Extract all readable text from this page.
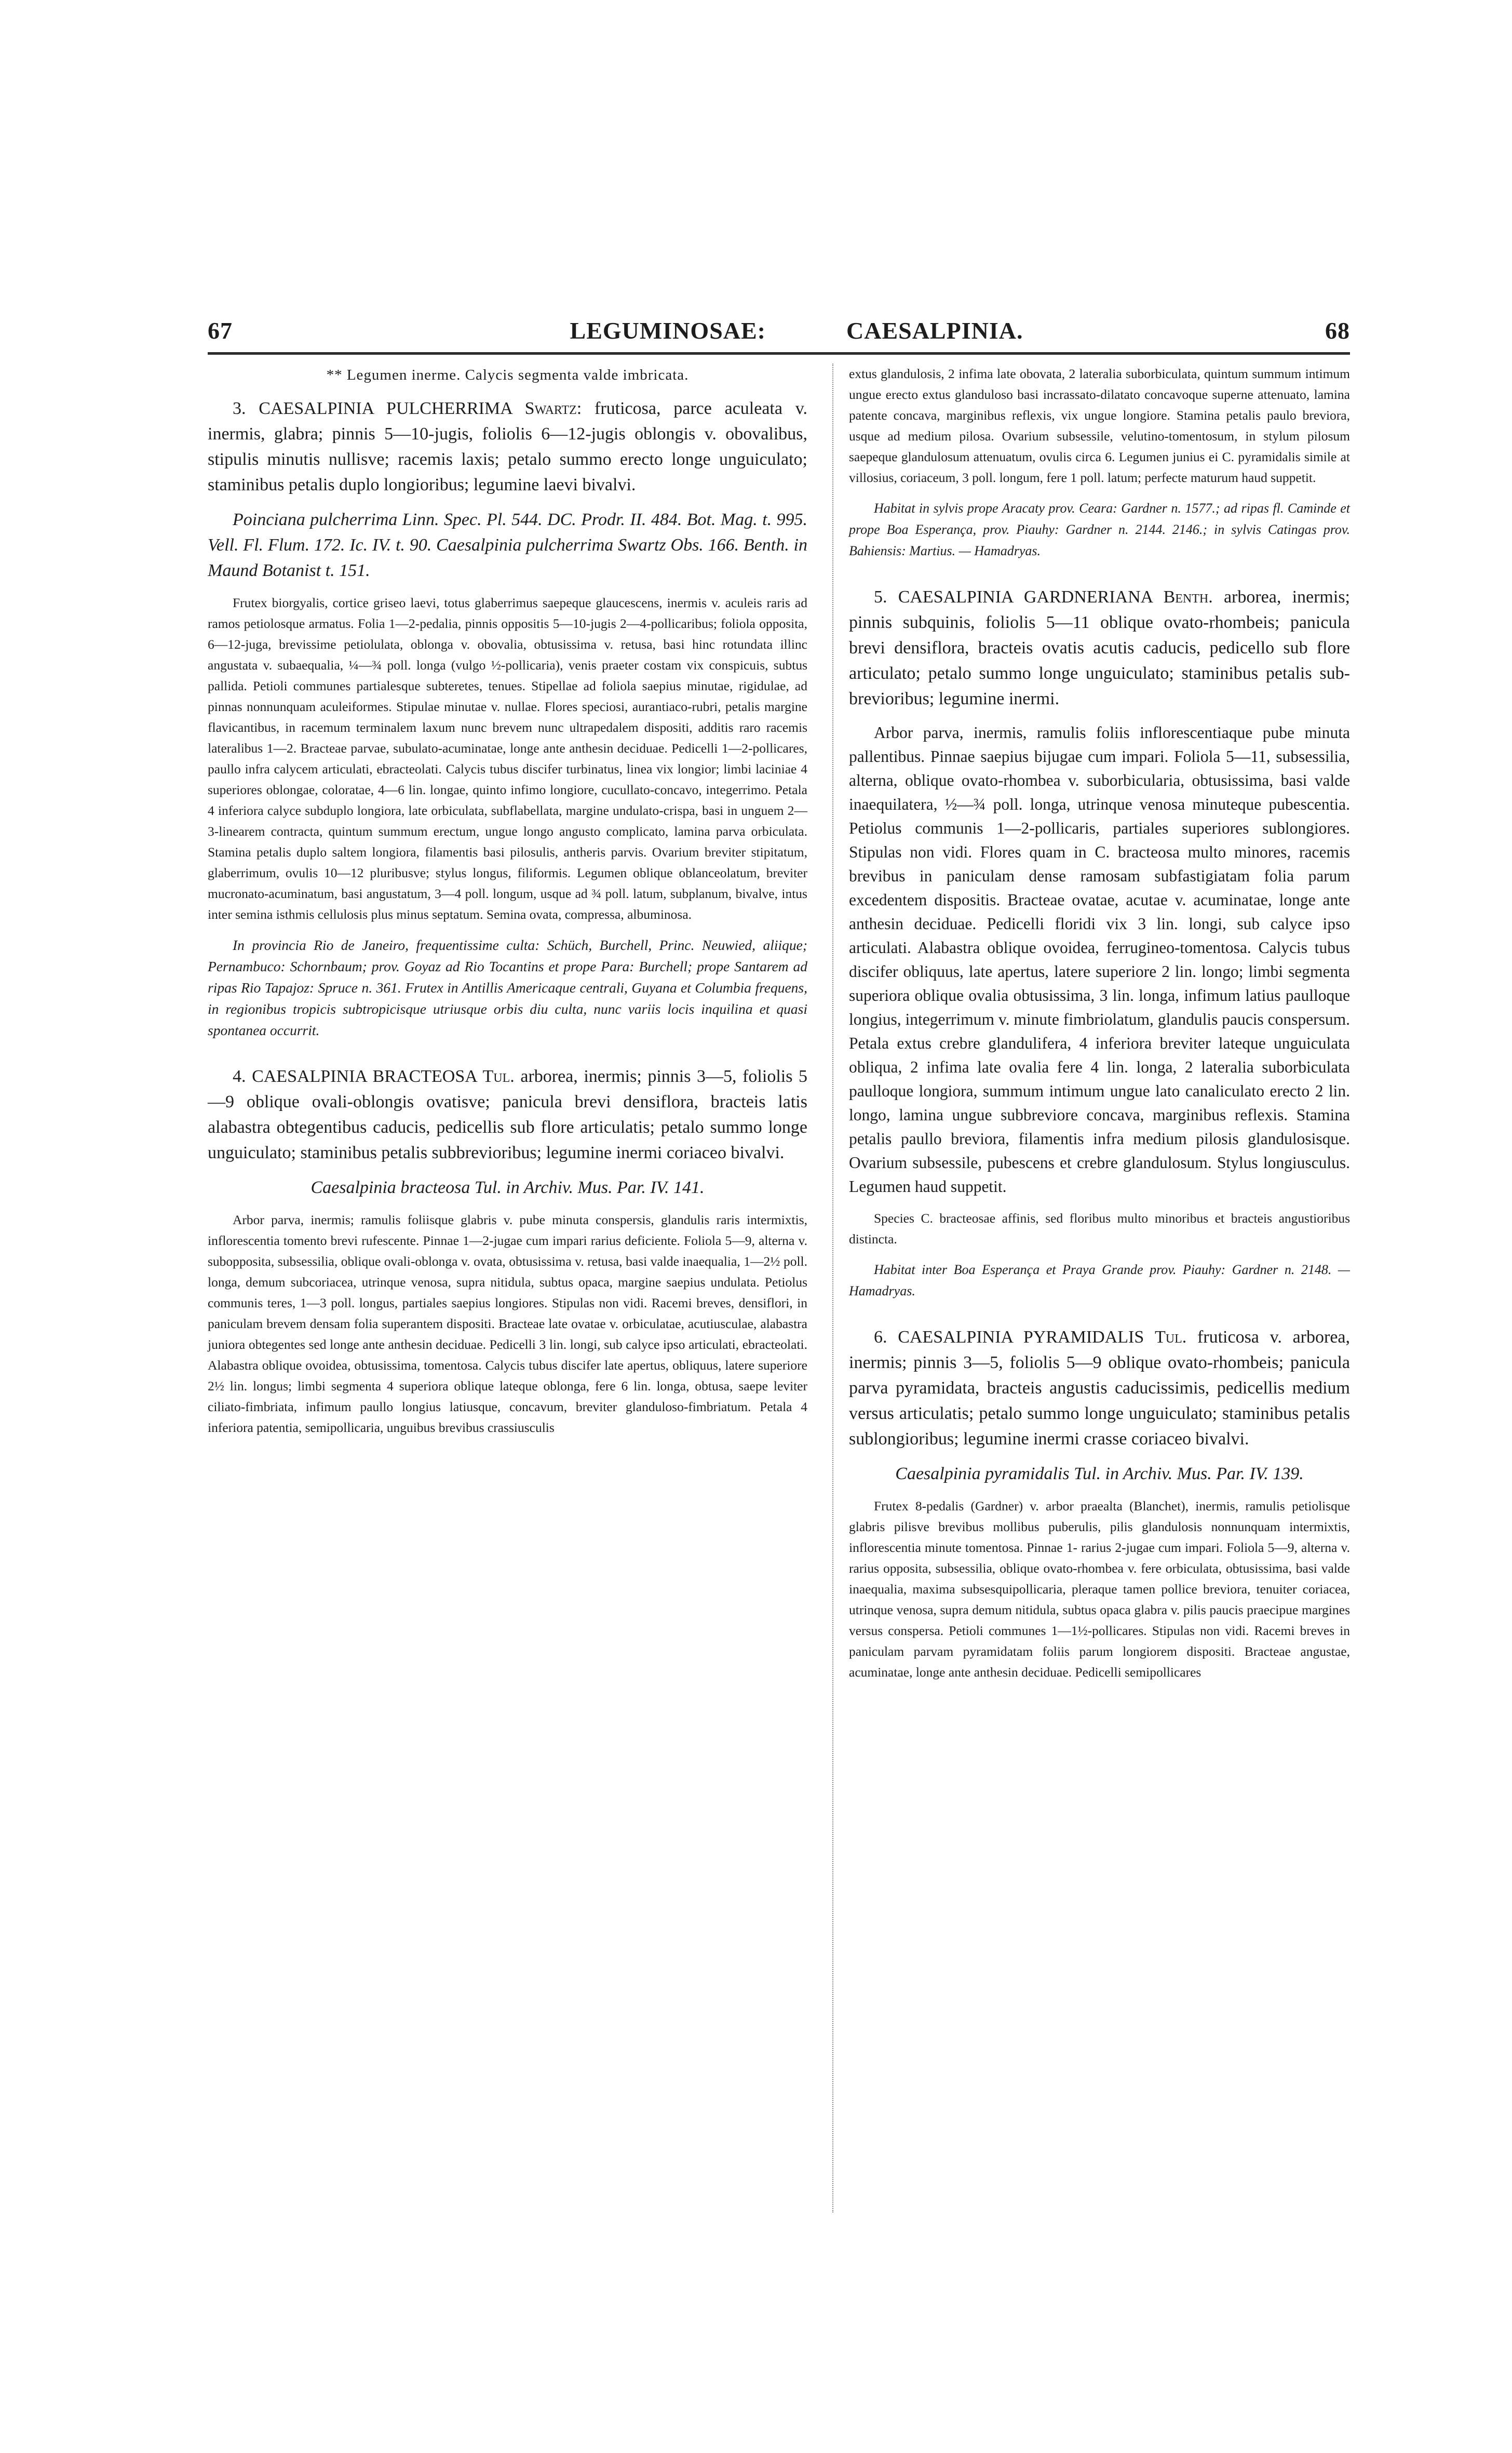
67	LEGUMINOSAE:	CAESALPINIA.	68

** Legumen inerme. Calycis segmenta valde imbricata.

3. CAESALPINIA PULCHERRIMA Swartz: fruticosa, parce aculeata v. inermis, glabra; pinnis 5—10-jugis, foliolis 6—12-jugis oblongis v. obovalibus, stipulis minutis nullisve; racemis laxis; petalo summo erecto longe unguiculato; staminibus petalis duplo longioribus; legumine laevi bivalvi.

Poinciana pulcherrima Linn. Spec. Pl. 544. DC. Prodr. II. 484. Bot. Mag. t. 995. Vell. Fl. Flum. 172. Ic. IV. t. 90. Caesalpinia pulcherrima Swartz Obs. 166. Benth. in Maund Botanist t. 151.

Frutex biorgyalis, cortice griseo laevi, totus glaberrimus saepeque glaucescens, inermis v. aculeis raris ad ramos petiolosque armatus. Folia 1—2-pedalia, pinnis oppositis 5—10-jugis 2—4-pollicaribus; foliola opposita, 6—12-juga, brevissime petiolulata, oblonga v. obovalia, obtusissima v. retusa, basi hinc rotundata illinc angustata v. subaequalia, ¼—¾ poll. longa (vulgo ½-pollicaria), venis praeter costam vix conspicuis, subtus pallida. Petioli communes partialesque subteretes, tenues. Stipellae ad foliola saepius minutae, rigidulae, ad pinnas nonnunquam aculeiformes. Stipulae minutae v. nullae. Flores speciosi, aurantiaco-rubri, petalis margine flavicantibus, in racemum terminalem laxum nunc brevem nunc ultrapedalem dispositi, additis raro racemis lateralibus 1—2. Bracteae parvae, subulato-acuminatae, longe ante anthesin deciduae. Pedicelli 1—2-pollicares, paullo infra calycem articulati, ebracteolati. Calycis tubus discifer turbinatus, linea vix longior; limbi laciniae 4 superiores oblongae, coloratae, 4—6 lin. longae, quinto infimo longiore, cucullato-concavo, integerrimo. Petala 4 inferiora calyce subduplo longiora, late orbiculata, subflabellata, margine undulato-crispa, basi in unguem 2—3-linearem contracta, quintum summum erectum, ungue longo angusto complicato, lamina parva orbiculata. Stamina petalis duplo saltem longiora, filamentis basi pilosulis, antheris parvis. Ovarium breviter stipitatum, glaberrimum, ovulis 10—12 pluribusve; stylus longus, filiformis. Legumen oblique oblanceolatum, breviter mucronato-acuminatum, basi angustatum, 3—4 poll. longum, usque ad ¾ poll. latum, subplanum, bivalve, intus inter semina isthmis cellulosis plus minus septatum. Semina ovata, compressa, albuminosa.

In provincia Rio de Janeiro, frequentissime culta: Schüch, Burchell, Princ. Neuwied, aliique; Pernambuco: Schornbaum; prov. Goyaz ad Rio Tocantins et prope Para: Burchell; prope Santarem ad ripas Rio Tapajoz: Spruce n. 361. Frutex in Antillis Americaque centrali, Guyana et Columbia frequens, in regionibus tropicis subtropicisque utriusque orbis diu culta, nunc variis locis inquilina et quasi spontanea occurrit.

4. CAESALPINIA BRACTEOSA Tul. arborea, inermis; pinnis 3—5, foliolis 5—9 oblique ovali-oblongis ovatisve; panicula brevi densiflora, bracteis latis alabastra obtegentibus caducis, pedicellis sub flore articulatis; petalo summo longe unguiculato; staminibus petalis subbrevioribus; legumine inermi coriaceo bivalvi.

Caesalpinia bracteosa Tul. in Archiv. Mus. Par. IV. 141.

Arbor parva, inermis; ramulis foliisque glabris v. pube minuta conspersis, glandulis raris intermixtis, inflorescentia tomento brevi rufescente. Pinnae 1—2-jugae cum impari rarius deficiente. Foliola 5—9, alterna v. subopposita, subsessilia, oblique ovali-oblonga v. ovata, obtusissima v. retusa, basi valde inaequalia, 1—2½ poll. longa, demum subcoriacea, utrinque venosa, supra nitidula, subtus opaca, margine saepius undulata. Petiolus communis teres, 1—3 poll. longus, partiales saepius longiores. Stipulas non vidi. Racemi breves, densiflori, in paniculam brevem densam folia superantem dispositi. Bracteae late ovatae v. orbiculatae, acutiusculae, alabastra juniora obtegentes sed longe ante anthesin deciduae. Pedicelli 3 lin. longi, sub calyce ipso articulati, ebracteolati. Alabastra oblique ovoidea, obtusissima, tomentosa. Calycis tubus discifer late apertus, obliquus, latere superiore 2½ lin. longus; limbi segmenta 4 superiora oblique lateque oblonga, fere 6 lin. longa, obtusa, saepe leviter ciliato-fimbriata, infimum paullo longius latiusque, concavum, breviter glanduloso-fimbriatum. Petala 4 inferiora patentia, semipollicaria, unguibus brevibus crassiusculis

extus glandulosis, 2 infima late obovata, 2 lateralia suborbiculata, quintum summum intimum ungue erecto extus glanduloso basi incrassato-dilatato concavoque superne attenuato, lamina patente concava, marginibus reflexis, vix ungue longiore. Stamina petalis paulo breviora, usque ad medium pilosa. Ovarium subsessile, velutino-tomentosum, in stylum pilosum saepeque glandulosum attenuatum, ovulis circa 6. Legumen junius ei C. pyramidalis simile at villosius, coriaceum, 3 poll. longum, fere 1 poll. latum; perfecte maturum haud suppetit.

Habitat in sylvis prope Aracaty prov. Ceara: Gardner n. 1577.; ad ripas fl. Caminde et prope Boa Esperança, prov. Piauhy: Gardner n. 2144. 2146.; in sylvis Catingas prov. Bahiensis: Martius. — Hamadryas.

5. CAESALPINIA GARDNERIANA Benth. arborea, inermis; pinnis subquinis, foliolis 5—11 oblique ovato-rhombeis; panicula brevi densiflora, bracteis ovatis acutis caducis, pedicello sub flore articulato; petalo summo longe unguiculato; staminibus petalis sub-brevioribus; legumine inermi.

Arbor parva, inermis, ramulis foliis inflorescentiaque pube minuta pallentibus. Pinnae saepius bijugae cum impari. Foliola 5—11, subsessilia, alterna, oblique ovato-rhombea v. suborbicularia, obtusissima, basi valde inaequilatera, ½—¾ poll. longa, utrinque venosa minuteque pubescentia. Petiolus communis 1—2-pollicaris, partiales superiores sublongiores. Stipulas non vidi. Flores quam in C. bracteosa multo minores, racemis brevibus in paniculam dense ramosam subfastigiatam folia parum excedentem dispositis. Bracteae ovatae, acutae v. acuminatae, longe ante anthesin deciduae. Pedicelli floridi vix 3 lin. longi, sub calyce ipso articulati. Alabastra oblique ovoidea, ferrugineo-tomentosa. Calycis tubus discifer obliquus, late apertus, latere superiore 2 lin. longo; limbi segmenta superiora oblique ovalia obtusissima, 3 lin. longa, infimum latius paulloque longius, integerrimum v. minute fimbriolatum, glandulis paucis conspersum. Petala extus crebre glandulifera, 4 inferiora breviter lateque unguiculata obliqua, 2 infima late ovalia fere 4 lin. longa, 2 lateralia suborbiculata paulloque longiora, summum intimum ungue lato canaliculato erecto 2 lin. longo, lamina ungue subbreviore concava, marginibus reflexis. Stamina petalis paullo breviora, filamentis infra medium pilosis glandulosisque. Ovarium subsessile, pubescens et crebre glandulosum. Stylus longiusculus. Legumen haud suppetit.

Species C. bracteosae affinis, sed floribus multo minoribus et bracteis angustioribus distincta.

Habitat inter Boa Esperança et Praya Grande prov. Piauhy: Gardner n. 2148. — Hamadryas.

6. CAESALPINIA PYRAMIDALIS Tul. fruticosa v. arborea, inermis; pinnis 3—5, foliolis 5—9 oblique ovato-rhombeis; panicula parva pyramidata, bracteis angustis caducissimis, pedicellis medium versus articulatis; petalo summo longe unguiculato; staminibus petalis sublongioribus; legumine inermi crasse coriaceo bivalvi.

Caesalpinia pyramidalis Tul. in Archiv. Mus. Par. IV. 139.

Frutex 8-pedalis (Gardner) v. arbor praealta (Blanchet), inermis, ramulis petiolisque glabris pilisve brevibus mollibus puberulis, pilis glandulosis nonnunquam intermixtis, inflorescentia minute tomentosa. Pinnae 1- rarius 2-jugae cum impari. Foliola 5—9, alterna v. rarius opposita, subsessilia, oblique ovato-rhombea v. fere orbiculata, obtusissima, basi valde inaequalia, maxima subsesquipollicaria, pleraque tamen pollice breviora, tenuiter coriacea, utrinque venosa, supra demum nitidula, subtus opaca glabra v. pilis paucis praecipue margines versus conspersa. Petioli communes 1—1½-pollicares. Stipulas non vidi. Racemi breves in paniculam parvam pyramidatam foliis parum longiorem dispositi. Bracteae angustae, acuminatae, longe ante anthesin deciduae. Pedicelli semipollicares
